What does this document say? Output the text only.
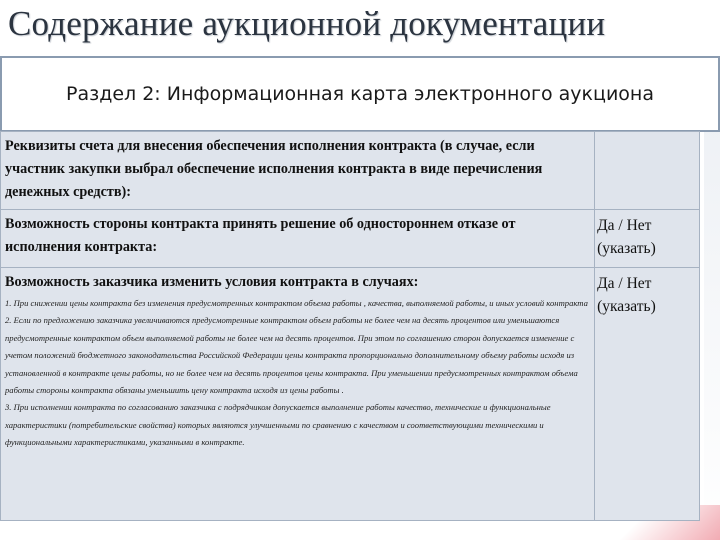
Содержание аукционной документации
Раздел 2: Информационная карта электронного аукциона
Реквизиты счета для внесения обеспечения исполнения контракта (в случае, если участник закупки выбрал обеспечение исполнения контракта в виде перечисления денежных средств):	

Возможность стороны контракта принять решение об одностороннем отказе от исполнения контракта:	Да / Нет (указать)

Возможность заказчика изменить условия контракта в случаях:
1. При снижении цены контракта без изменения предусмотренных контрактом объема работы , качества, выполняемой работы, и иных условий контракта
2. Если по предложению заказчика увеличиваются предусмотренные контрактом объем работы не более чем на десять процентов или уменьшаются предусмотренные контрактом объем выполняемой работы не более чем на десять процентов. При этом по соглашению сторон допускается изменение с учетом положений бюджетного законодательства Российской Федерации цены контракта пропорционально дополнительному объему работы исходя из установленной в контракте цены работы, но не более чем на десять процентов цены контракта. При уменьшении предусмотренных контрактом объема работы стороны контракта обязаны уменьшить цену контракта исходя из цены работы .
3. При исполнении контракта по согласованию заказчика с подрядчиком допускается выполнение работы качество, технические и функциональные характеристики (потребительские свойства) которых являются улучшенными по сравнению с качеством и соответствующими техническими и функциональными характеристиками, указанными в контракте.	Да / Нет (указать)
